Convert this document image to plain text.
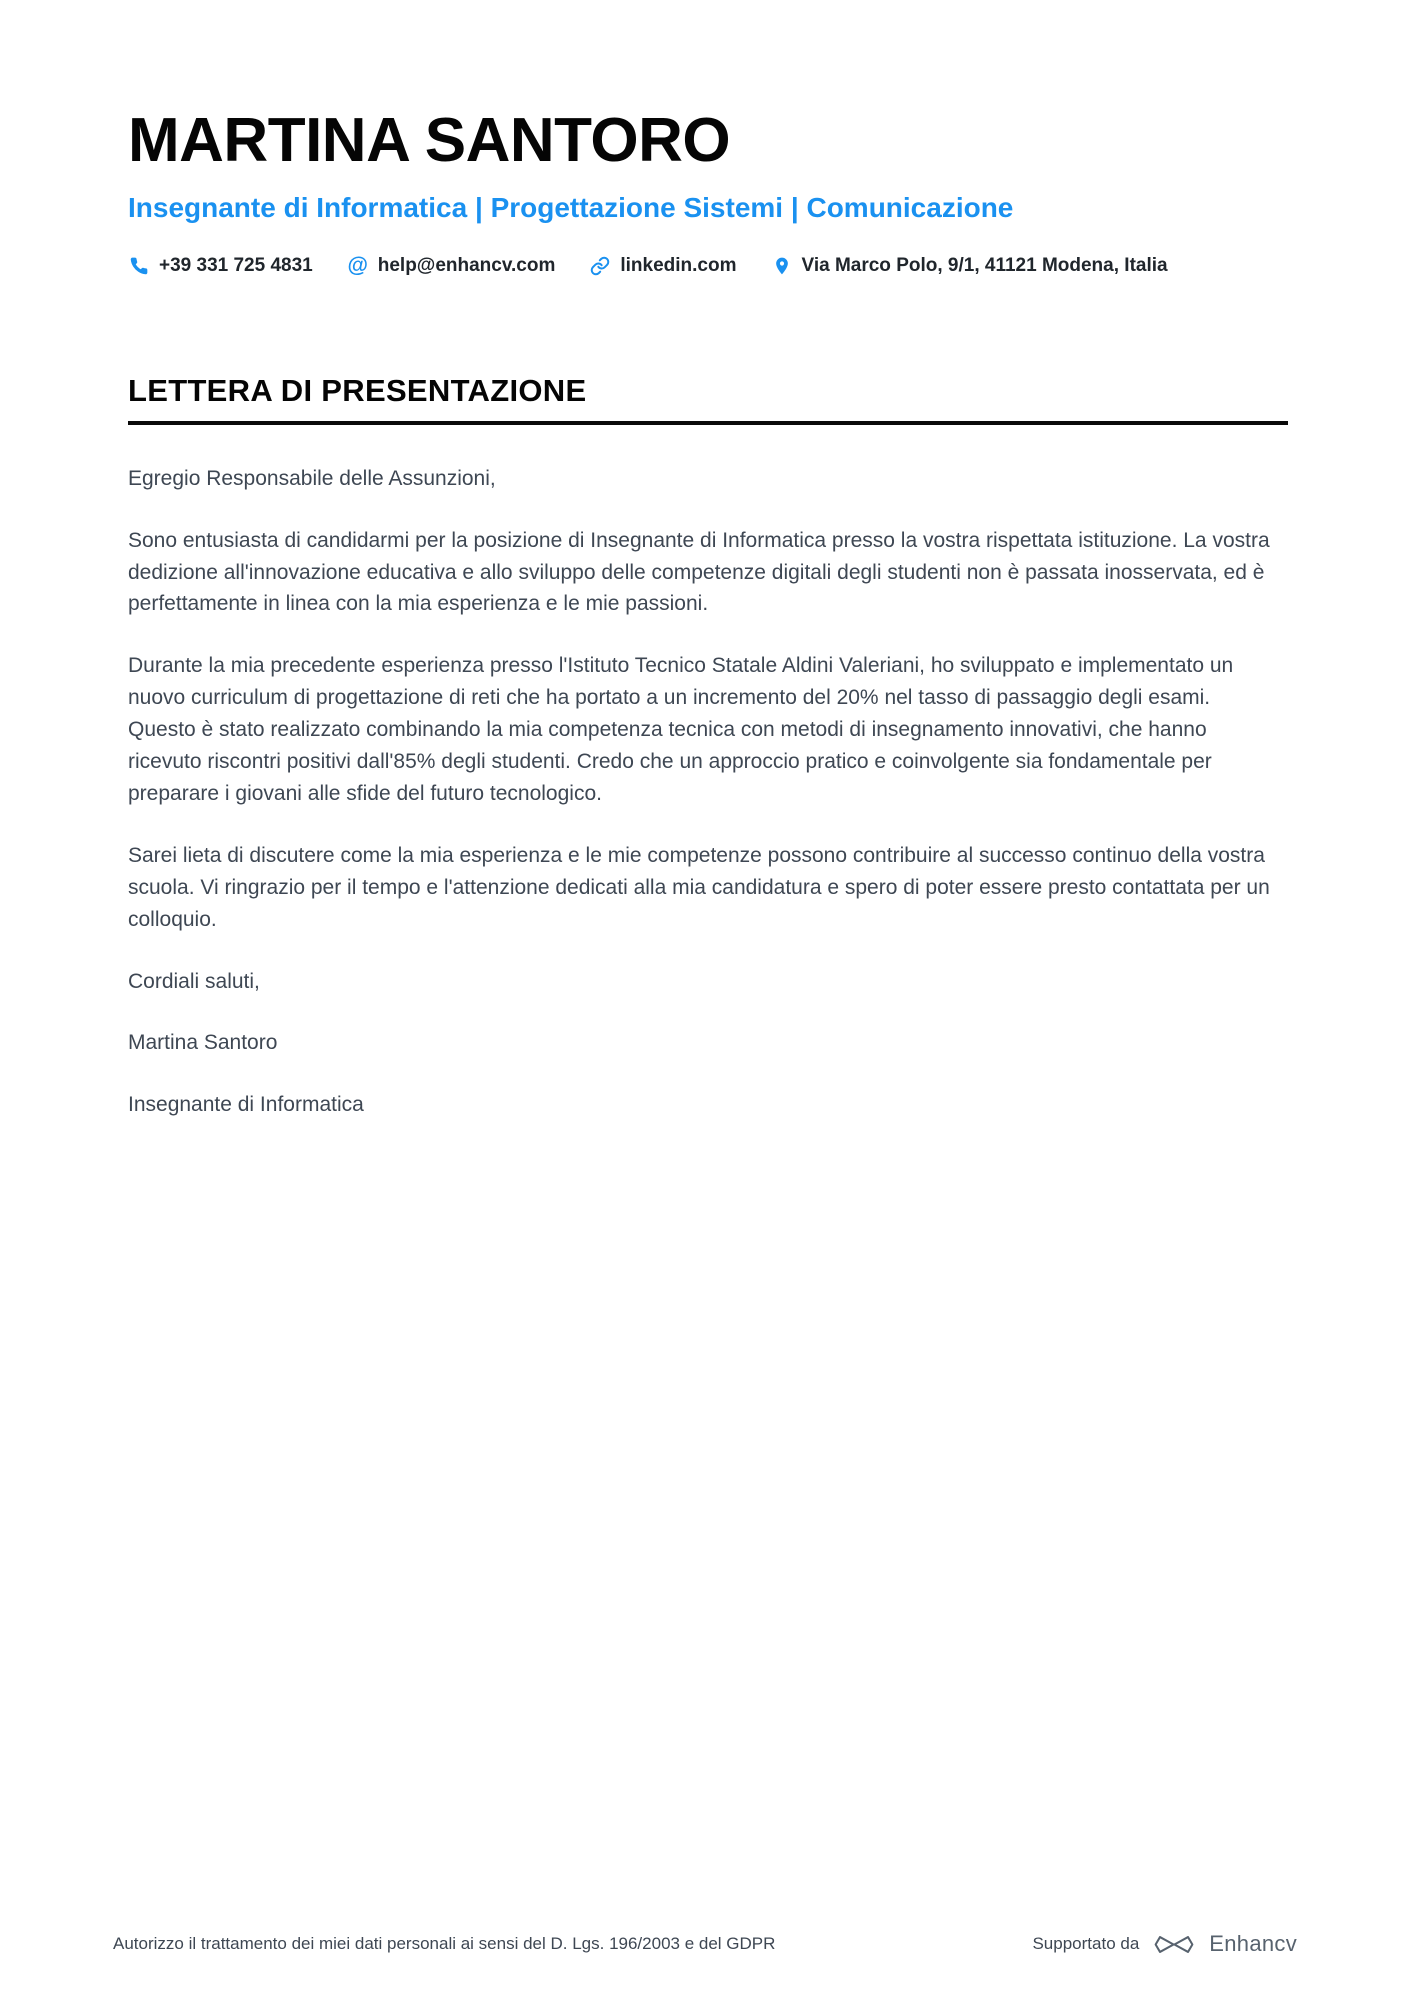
MARTINA SANTORO
Insegnante di Informatica | Progettazione Sistemi | Comunicazione
+39 331 725 4831 @ help@enhancv.com	linkedin.com	Via Marco Polo, 9/1, 41121 Modena, Italia
LETTERA DI PRESENTAZIONE

Egregio Responsabile delle Assunzioni,

Sono entusiasta di candidarmi per la posizione di Insegnante di Informatica presso la vostra rispettata istituzione. La vostra dedizione all'innovazione educativa e allo sviluppo delle competenze digitali degli studenti non è passata inosservata, ed è perfettamente in linea con la mia esperienza e le mie passioni.

Durante la mia precedente esperienza presso l'Istituto Tecnico Statale Aldini Valeriani, ho sviluppato e implementato un nuovo curriculum di progettazione di reti che ha portato a un incremento del 20% nel tasso di passaggio degli esami. Questo è stato realizzato combinando la mia competenza tecnica con metodi di insegnamento innovativi, che hanno ricevuto riscontri positivi dall'85% degli studenti. Credo che un approccio pratico e coinvolgente sia fondamentale per preparare i giovani alle sfide del futuro tecnologico.

Sarei lieta di discutere come la mia esperienza e le mie competenze possono contribuire al successo continuo della vostra scuola. Vi ringrazio per il tempo e l'attenzione dedicati alla mia candidatura e spero di poter essere presto contattata per un colloquio.

Cordiali saluti,

Martina Santoro

Insegnante di Informatica

Autorizzo il trattamento dei miei dati personali ai sensi del D. Lgs. 196/2003 e del GDPR	Supportato da	Enhancv
